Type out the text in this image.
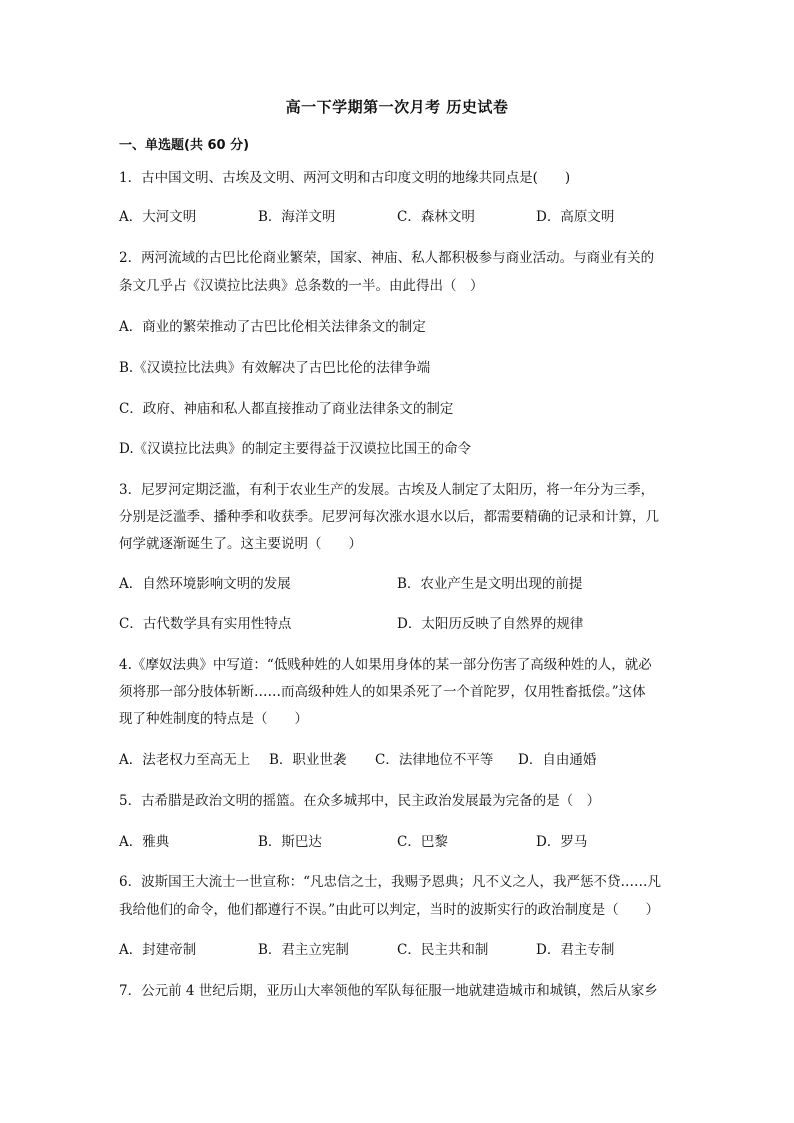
高一下学期第一次月考 历史试卷
一、单选题(共 60 分)
1．古中国文明、古埃及文明、两河文明和古印度文明的地缘共同点是(　　)
A．大河文明	B．海洋文明	C．森林文明	D．高原文明
2．两河流域的古巴比伦商业繁荣，国家、神庙、私人都积极参与商业活动。与商业有关的
条文几乎占《汉谟拉比法典》总条数的一半。由此得出（　）
A．商业的繁荣推动了古巴比伦相关法律条文的制定
B.《汉谟拉比法典》有效解决了古巴比伦的法律争端
C．政府、神庙和私人都直接推动了商业法律条文的制定
D.《汉谟拉比法典》的制定主要得益于汉谟拉比国王的命令
3．尼罗河定期泛滥，有利于农业生产的发展。古埃及人制定了太阳历，将一年分为三季，
分别是泛滥季、播种季和收获季。尼罗河每次涨水退水以后，都需要精确的记录和计算，几
何学就逐渐诞生了。这主要说明（　　）
A．自然环境影响文明的发展	B．农业产生是文明出现的前提
C．古代数学具有实用性特点	D．太阳历反映了自然界的规律
4.《摩奴法典》中写道：“低贱种姓的人如果用身体的某一部分伤害了高级种姓的人，就必
须将那一部分肢体斩断……而高级种姓人的如果杀死了一个首陀罗，仅用牲畜抵偿。”这体
现了种姓制度的特点是（　　）
A．法老权力至高无上 B．职业世袭 C．法律地位不平等 D．自由通婚
5．古希腊是政治文明的摇篮。在众多城邦中，民主政治发展最为完备的是（　）
A．雅典	B．斯巴达	C．巴黎	D．罗马
6．波斯国王大流士一世宣称：“凡忠信之士，我赐予恩典；凡不义之人，我严惩不贷……凡
我给他们的命令，他们都遵行不误。”由此可以判定，当时的波斯实行的政治制度是（　　）
A．封建帝制	B．君主立宪制	C．民主共和制	D．君主专制
7．公元前 4 世纪后期，亚历山大率领他的军队每征服一地就建造城市和城镇，然后从家乡
